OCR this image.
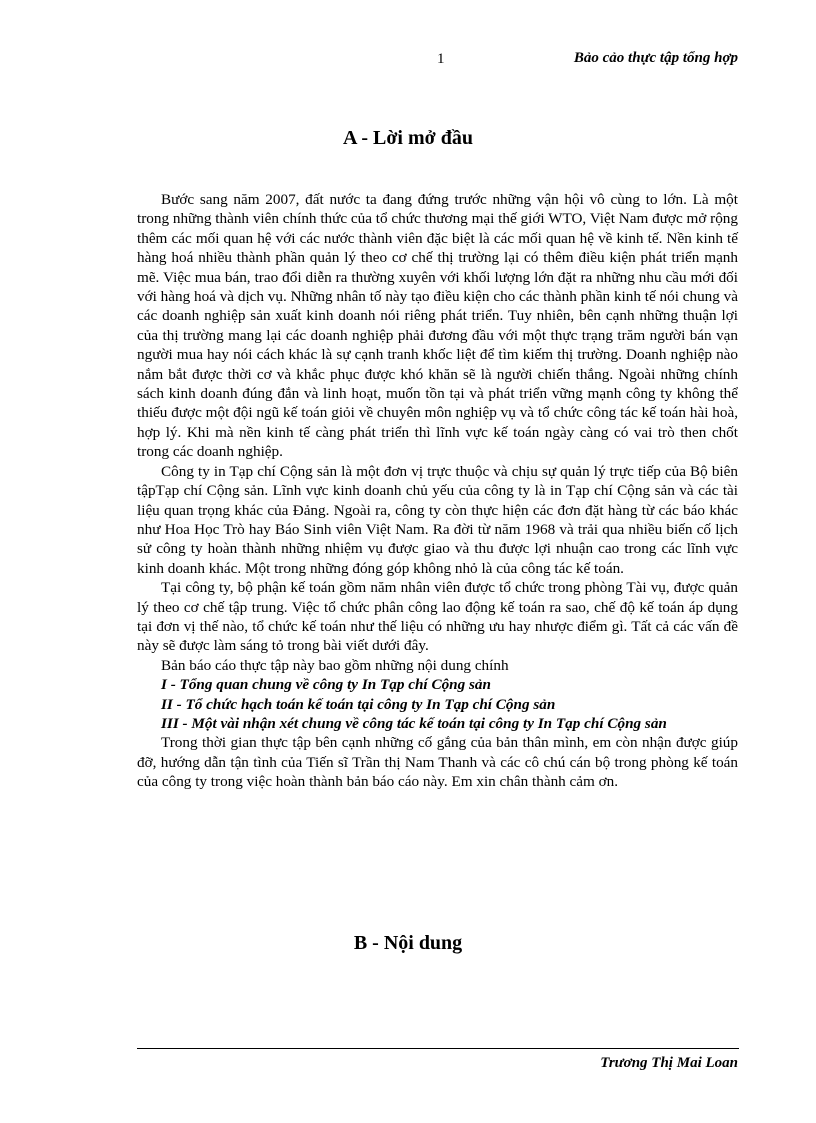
1	Bảo cảo thực tập tổng hợp
A - Lời mở đầu

Bước sang năm 2007, đất nước ta đang đứng trước những vận hội vô cùng to lớn. Là một trong những thành viên chính thức của tổ chức thương mại thế giới WTO, Việt Nam được mở rộng thêm các mối quan hệ với các nước thành viên đặc biệt là các mối quan hệ về kinh tế. Nền kinh tế hàng hoá nhiều thành phần quản lý theo cơ chế thị trường lại có thêm điều kiện phát triển mạnh mẽ. Việc mua bán, trao đổi diễn ra thường xuyên với khối lượng lớn đặt ra những nhu cầu mới đối với hàng hoá và dịch vụ. Những nhân tố này tạo điều kiện cho các thành phần kinh tế nói chung và các doanh nghiệp sản xuất kinh doanh nói riêng phát triển. Tuy nhiên, bên cạnh những thuận lợi của thị trường mang lại các doanh nghiệp phải đương đầu với một thực trạng trăm người bán vạn người mua hay nói cách khác là sự cạnh tranh khốc liệt để tìm kiếm thị trường. Doanh nghiệp nào nắm bắt được thời cơ và khắc phục được khó khăn sẽ là người chiến thắng. Ngoài những chính sách kinh doanh đúng đắn và linh hoạt, muốn tồn tại và phát triển vững mạnh công ty không thể thiếu được một đội ngũ kế toán giỏi về chuyên môn nghiệp vụ và tổ chức công tác kế toán hài hoà, hợp lý. Khi mà nền kinh tế càng phát triển thì lĩnh vực kế toán ngày càng có vai trò then chốt trong các doanh nghiệp.

Công ty in Tạp chí Cộng sản là một đơn vị trực thuộc và chịu sự quản lý trực tiếp của Bộ biên tậpTạp chí Cộng sản. Lĩnh vực kinh doanh chủ yếu của công ty là in Tạp chí Cộng sản và các tài liệu quan trọng khác của Đảng. Ngoài ra, công ty còn thực hiện các đơn đặt hàng từ các báo khác như Hoa Học Trò hay Báo Sinh viên Việt Nam. Ra đời từ năm 1968 và trải qua nhiều biến cố lịch sử công ty hoàn thành những nhiệm vụ được giao và thu được lợi nhuận cao trong các lĩnh vực kinh doanh khác. Một trong những đóng góp không nhỏ là của công tác kế toán.

Tại công ty, bộ phận kế toán gồm năm nhân viên được tổ chức trong phòng Tài vụ, được quản lý theo cơ chế tập trung. Việc tổ chức phân công lao động kế toán ra sao, chế độ kế toán áp dụng tại đơn vị thế nào, tổ chức kế toán như thế liệu có những ưu hay nhược điểm gì. Tất cả các vấn đề này sẽ được làm sáng tỏ trong bài viết dưới đây.

Bản báo cáo thực tập này bao gồm những nội dung chính

I - Tổng quan chung về công ty In Tạp chí Cộng sản

II - Tổ chức hạch toán kế toán tại công ty In Tạp chí Cộng sản

III - Một vài nhận xét chung về công tác kế toán tại công ty In Tạp chí Cộng sản

Trong thời gian thực tập bên cạnh những cố gắng của bản thân mình, em còn nhận được giúp đỡ, hướng dẫn tận tình của Tiến sĩ Trần thị Nam Thanh và các cô chú cán bộ trong phòng kế toán của công ty trong việc hoàn thành bản báo cáo này. Em xin chân thành cảm ơn.

B - Nội dung
Trương Thị Mai Loan
